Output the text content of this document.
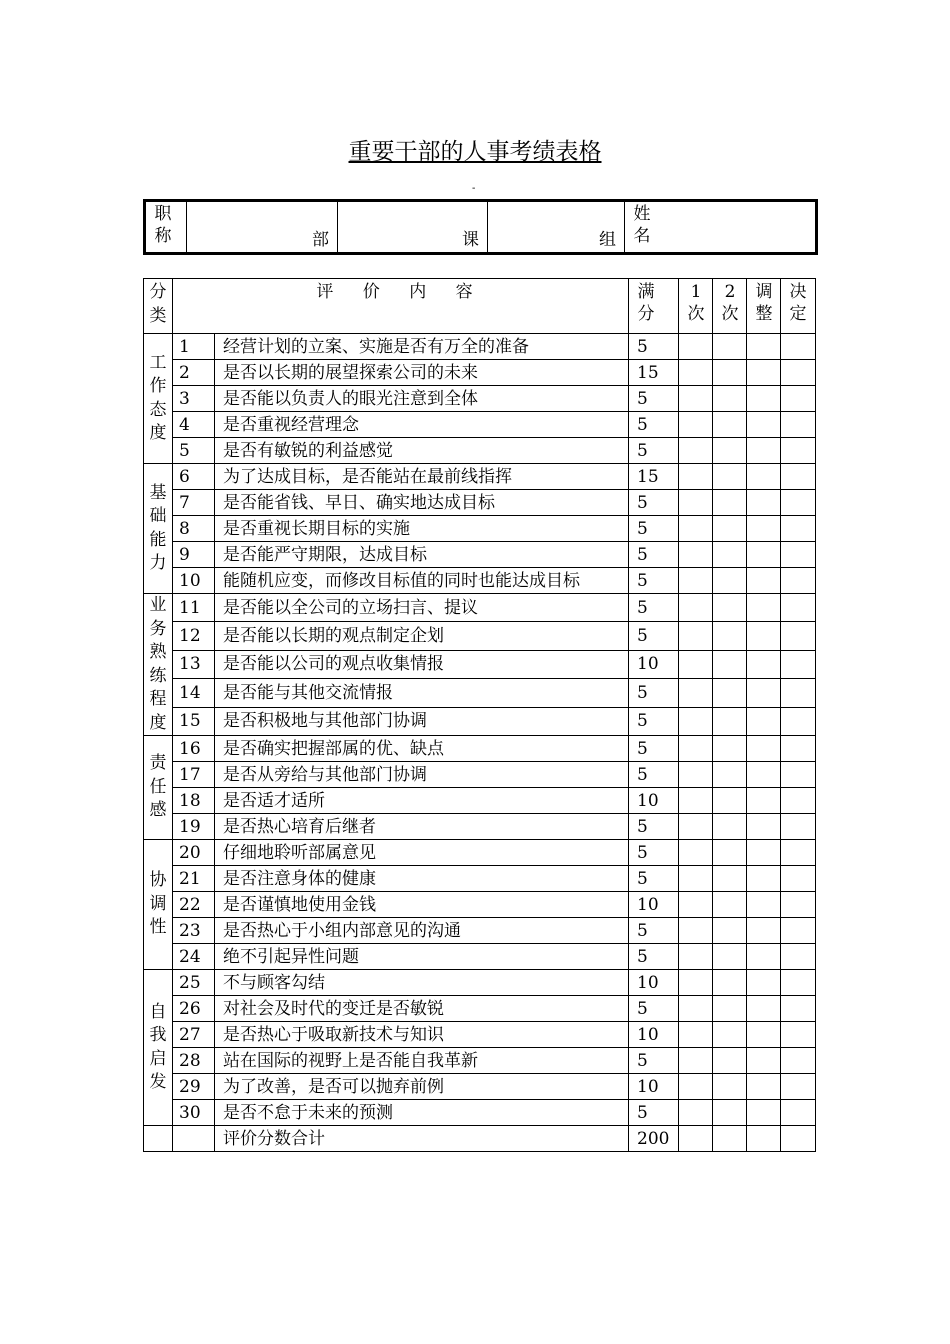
重要干部的人事考绩表格
-
职称	部	课	组	姓名
分类	评 价 内 容		满分	1次	2次	调整	决定
工作态度	1	经营计划的立案、实施是否有万全的准备	5				
	2	是否以长期的展望探索公司的未来	15				
	3	是否能以负责人的眼光注意到全体	5				
	4	是否重视经营理念	5				
	5	是否有敏锐的利益感觉	5				
基础能力	6	为了达成目标，是否能站在最前线指挥	15				
	7	是否能省钱、早日、确实地达成目标	5				
	8	是否重视长期目标的实施	5				
	9	是否能严守期限，达成目标	5				
	10	能随机应变，而修改目标值的同时也能达成目标	5				
业务熟练程度	11	是否能以全公司的立场扫言、提议	5				
	12	是否能以长期的观点制定企划	5				
	13	是否能以公司的观点收集情报	10				
	14	是否能与其他交流情报	5				
	15	是否积极地与其他部门协调	5				
责任感	16	是否确实把握部属的优、缺点	5				
	17	是否从旁给与其他部门协调	5				
	18	是否适才适所	10				
	19	是否热心培育后继者	5				
协调性	20	仔细地聆听部属意见	5				
	21	是否注意身体的健康	5				
	22	是否谨慎地使用金钱	10				
	23	是否热心于小组内部意见的沟通	5				
	24	绝不引起异性问题	5				
自我启发	25	不与顾客勾结	10				
	26	对社会及时代的变迁是否敏锐	5				
	27	是否热心于吸取新技术与知识	10				
	28	站在国际的视野上是否能自我革新	5				
	29	为了改善，是否可以抛弃前例	10				
	30	是否不怠于未来的预测	5				
		评价分数合计	200				
